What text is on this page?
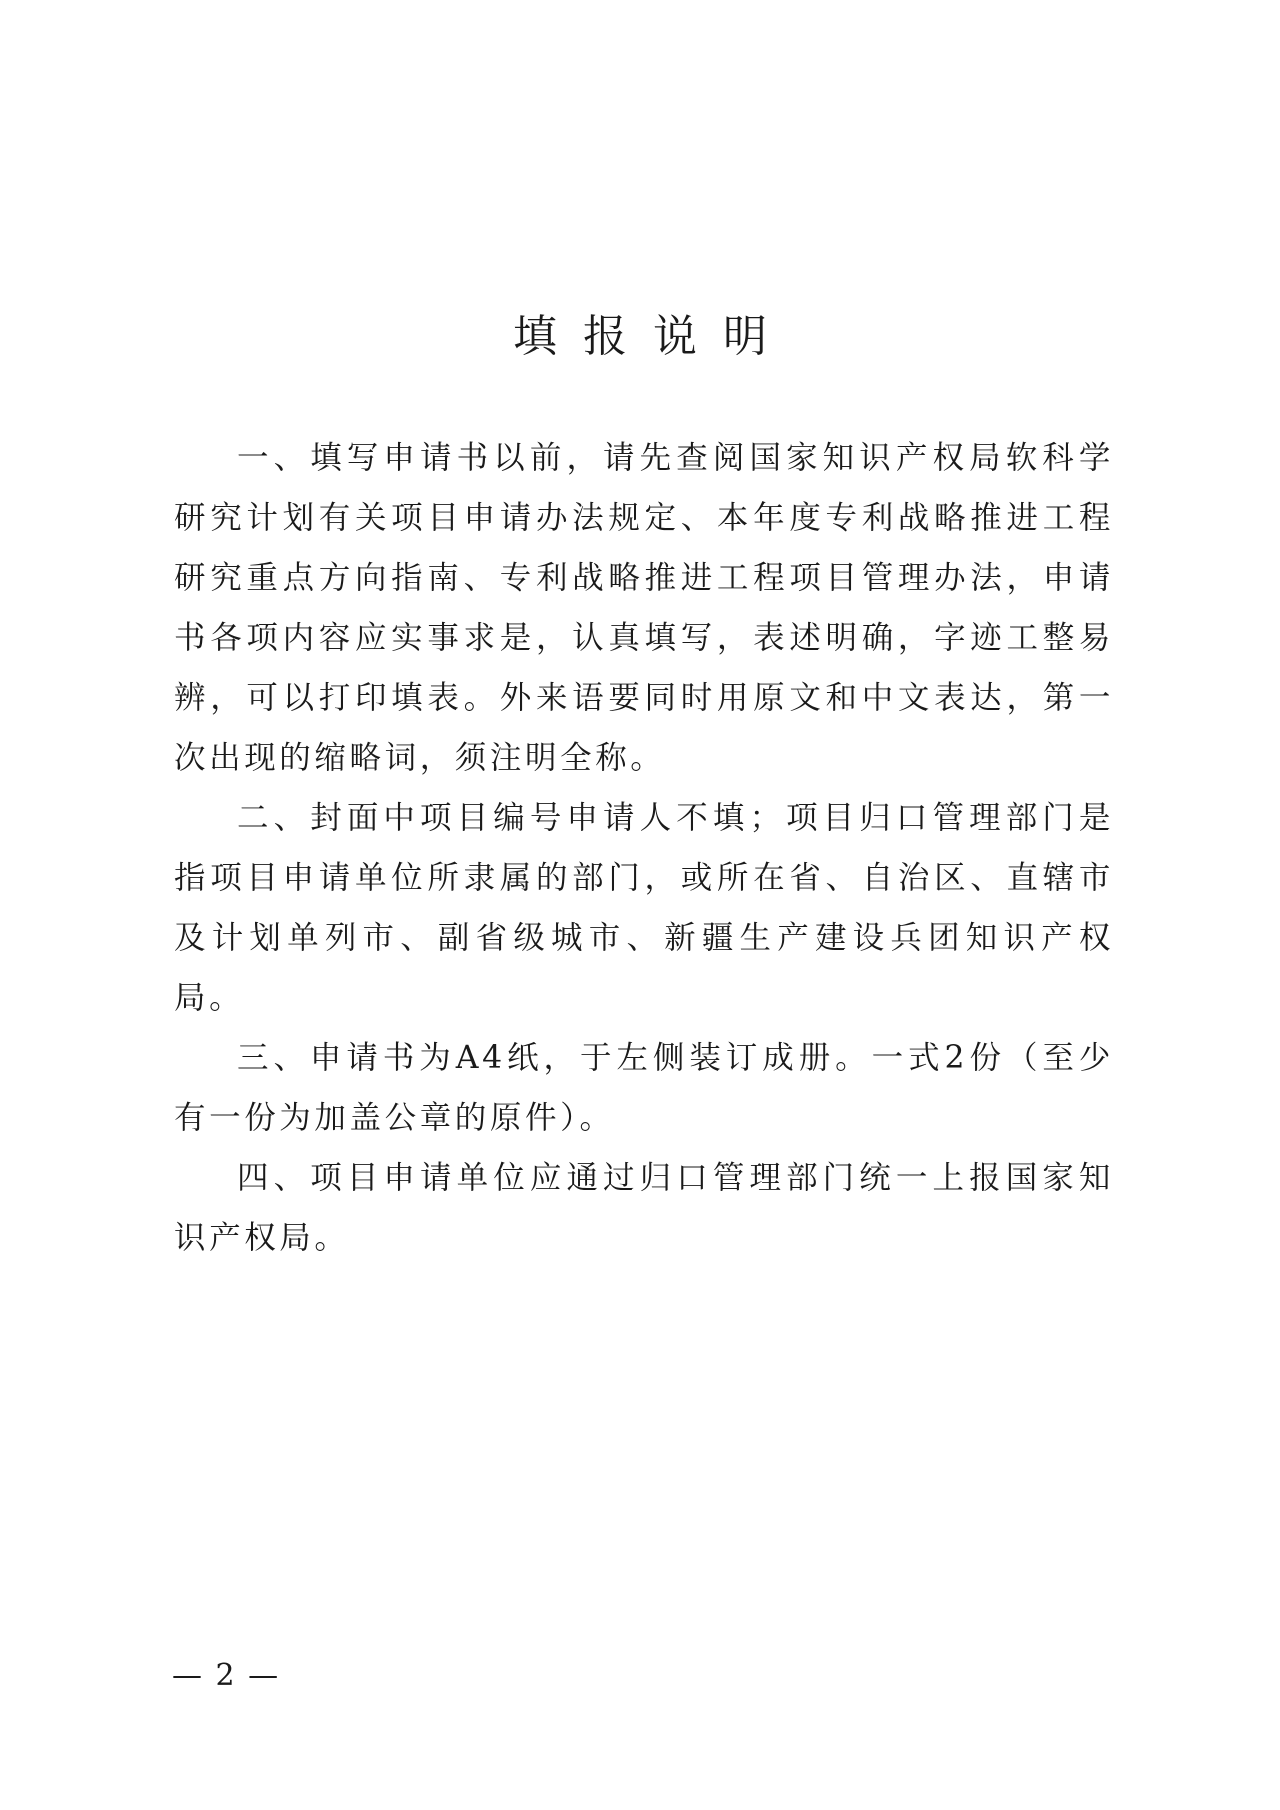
填报说明

一、填写申请书以前，请先查阅国家知识产权局软科学研究计划有关项目申请办法规定、本年度专利战略推进工程研究重点方向指南、专利战略推进工程项目管理办法，申请书各项内容应实事求是，认真填写，表述明确，字迹工整易辨，可以打印填表。外来语要同时用原文和中文表达，第一次出现的缩略词，须注明全称。

二、封面中项目编号申请人不填；项目归口管理部门是指项目申请单位所隶属的部门，或所在省、自治区、直辖市及计划单列市、副省级城市、新疆生产建设兵团知识产权局。

三、申请书为A4纸，于左侧装订成册。一式2份（至少有一份为加盖公章的原件）。

四、项目申请单位应通过归口管理部门统一上报国家知识产权局。

— 2 —
